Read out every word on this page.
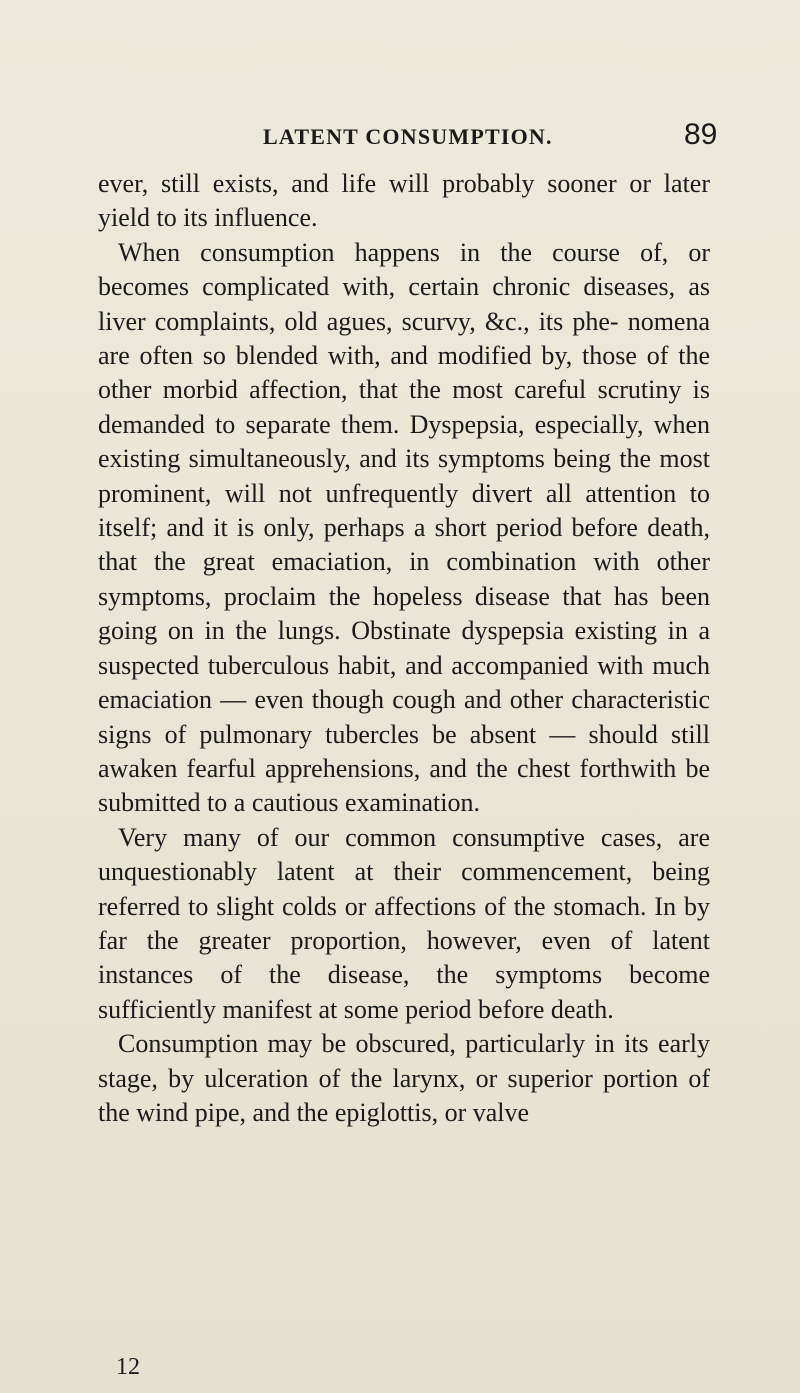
LATENT CONSUMPTION.	89

ever, still exists, and life will probably sooner or later yield to its influence.

When consumption happens in the course of, or becomes complicated with, certain chronic diseases, as liver complaints, old agues, scurvy, &c., its phe- nomena are often so blended with, and modified by, those of the other morbid affection, that the most careful scrutiny is demanded to separate them. Dyspepsia, especially, when existing simultaneously, and its symptoms being the most prominent, will not unfrequently divert all attention to itself; and it is only, perhaps a short period before death, that the great emaciation, in combination with other symptoms, proclaim the hopeless disease that has been going on in the lungs. Obstinate dyspepsia existing in a suspected tuberculous habit, and accompanied with much emaciation — even though cough and other characteristic signs of pulmonary tubercles be absent — should still awaken fearful apprehensions, and the chest forthwith be submitted to a cautious examination.

Very many of our common consumptive cases, are unquestionably latent at their commencement, being referred to slight colds or affections of the stomach. In by far the greater proportion, however, even of latent instances of the disease, the symptoms become sufficiently manifest at some period before death.

Consumption may be obscured, particularly in its early stage, by ulceration of the larynx, or superior portion of the wind pipe, and the epiglottis, or valve

12
